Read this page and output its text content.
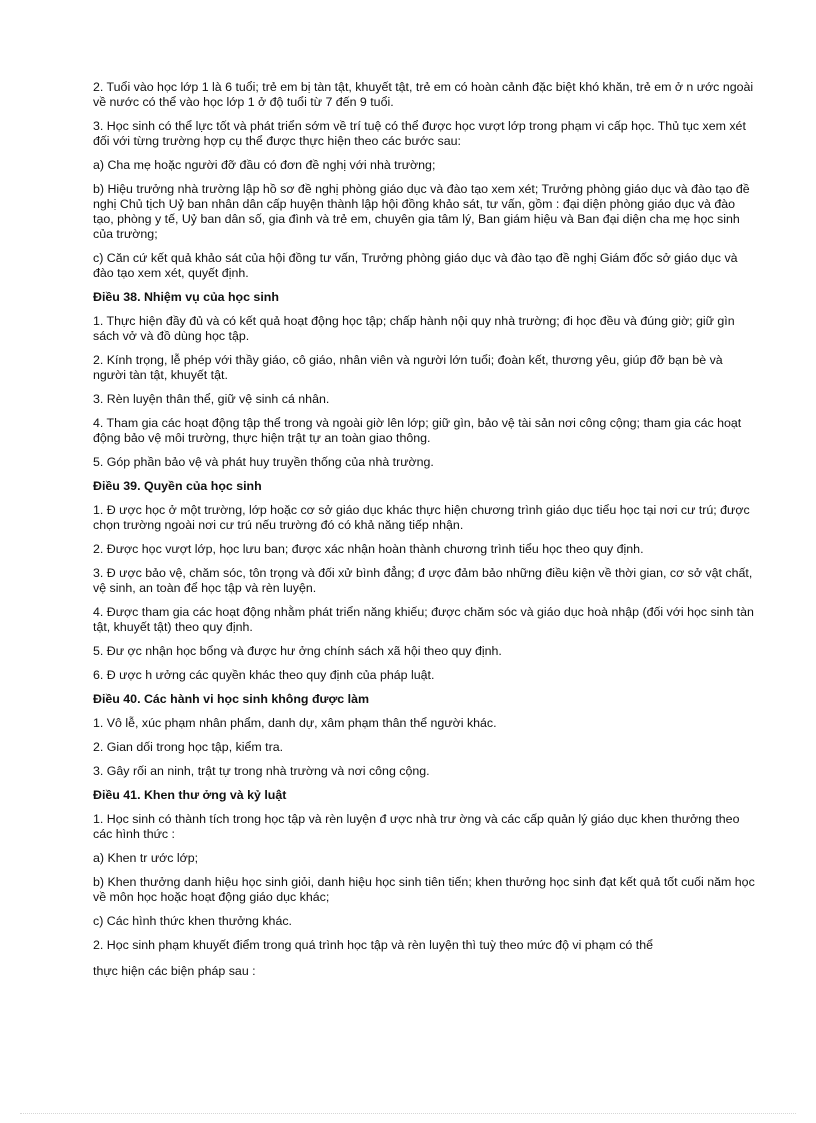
2. Tuổi vào học lớp 1 là 6 tuổi; trẻ em bị tàn tật, khuyết tật, trẻ em có hoàn cảnh đặc biệt khó khăn, trẻ em ở n ước ngoài về nước có thể vào học lớp 1 ở độ tuổi từ 7 đến 9 tuổi.

3. Học sinh có thể lực tốt và phát triển sớm về trí tuệ có thể được học vượt lớp trong phạm vi cấp học. Thủ tục xem xét đối với từng trường hợp cụ thể được thực hiện theo các bước sau:

a) Cha mẹ hoặc người đỡ đầu có đơn đề nghị với nhà trường;

b) Hiệu trưởng nhà trường lập hồ sơ đề nghị phòng giáo dục và đào tạo xem xét; Trưởng phòng giáo dục và đào tạo đề nghị Chủ tịch Uỷ ban nhân dân cấp huyện thành lập hội đồng khảo sát, tư vấn, gồm : đại diện phòng giáo dục và đào tạo, phòng y tế, Uỷ ban dân số, gia đình và trẻ em, chuyên gia tâm lý, Ban giám hiệu và Ban đại diện cha mẹ học sinh của trường;

c) Căn cứ kết quả khảo sát của hội đồng tư vấn, Trưởng phòng giáo dục và đào tạo đề nghị Giám đốc sở giáo dục và đào tạo xem xét, quyết định.

Điều 38. Nhiệm vụ của học sinh

1. Thực hiện đầy đủ và có kết quả hoạt động học tập; chấp hành nội quy nhà trường; đi học đều và đúng giờ; giữ gìn sách vở và đồ dùng học tập.

2. Kính trọng, lễ phép với thầy giáo, cô giáo, nhân viên và người lớn tuổi; đoàn kết, thương yêu, giúp đỡ bạn bè và người tàn tật, khuyết tật.

3. Rèn luyện thân thể, giữ vệ sinh cá nhân.

4. Tham gia các hoạt động tập thể trong và ngoài giờ lên lớp; giữ gìn, bảo vệ tài sản nơi công cộng; tham gia các hoạt động bảo vệ môi trường, thực hiện trật tự an toàn giao thông.

5. Góp phần bảo vệ và phát huy truyền thống của nhà trường.

Điều 39. Quyền của học sinh

1. Đ ược học ở một trường, lớp hoặc cơ sở giáo dục khác thực hiện chương trình giáo dục tiểu học tại nơi cư trú; được chọn trường ngoài nơi cư trú nếu trường đó có khả năng tiếp nhận.

2. Được học vượt lớp, học lưu ban; được xác nhận hoàn thành chương trình tiểu học theo quy định.

3. Đ ược bảo vệ, chăm sóc, tôn trọng và đối xử bình đẳng; đ ược đảm bảo những điều kiện về thời gian, cơ sở vật chất, vệ sinh, an toàn để học tập và rèn luyện.

4. Được tham gia các hoạt động nhằm phát triển năng khiếu; được chăm sóc và giáo dục hoà nhập (đối với học sinh tàn tật, khuyết tật) theo quy định.

5. Đư ợc nhận học bổng và được hư ởng chính sách xã hội theo quy định.

6. Đ ược h ưởng các quyền khác theo quy định của pháp luật.

Điều 40. Các hành vi học sinh không được làm

1. Vô lễ, xúc phạm nhân phẩm, danh dự, xâm phạm thân thể người khác.

2. Gian dối trong học tập, kiểm tra.

3. Gây rối an ninh, trật tự trong nhà trường và nơi công cộng.

Điều 41. Khen thư ởng và kỷ luật

1. Học sinh có thành tích trong học tập và rèn luyện đ ược nhà trư ờng và các cấp quản lý giáo dục khen thưởng theo các hình thức :

a) Khen tr ước lớp;

b) Khen thưởng danh hiệu học sinh giỏi, danh hiệu học sinh tiên tiến; khen thưởng học sinh đạt kết quả tốt cuối năm học về môn học hoặc hoạt động giáo dục khác;

c) Các hình thức khen thưởng khác.

2. Học sinh phạm khuyết điểm trong quá trình học tập và rèn luyện thì tuỳ theo mức độ vi phạm có thể

thực hiện các biện pháp sau :
